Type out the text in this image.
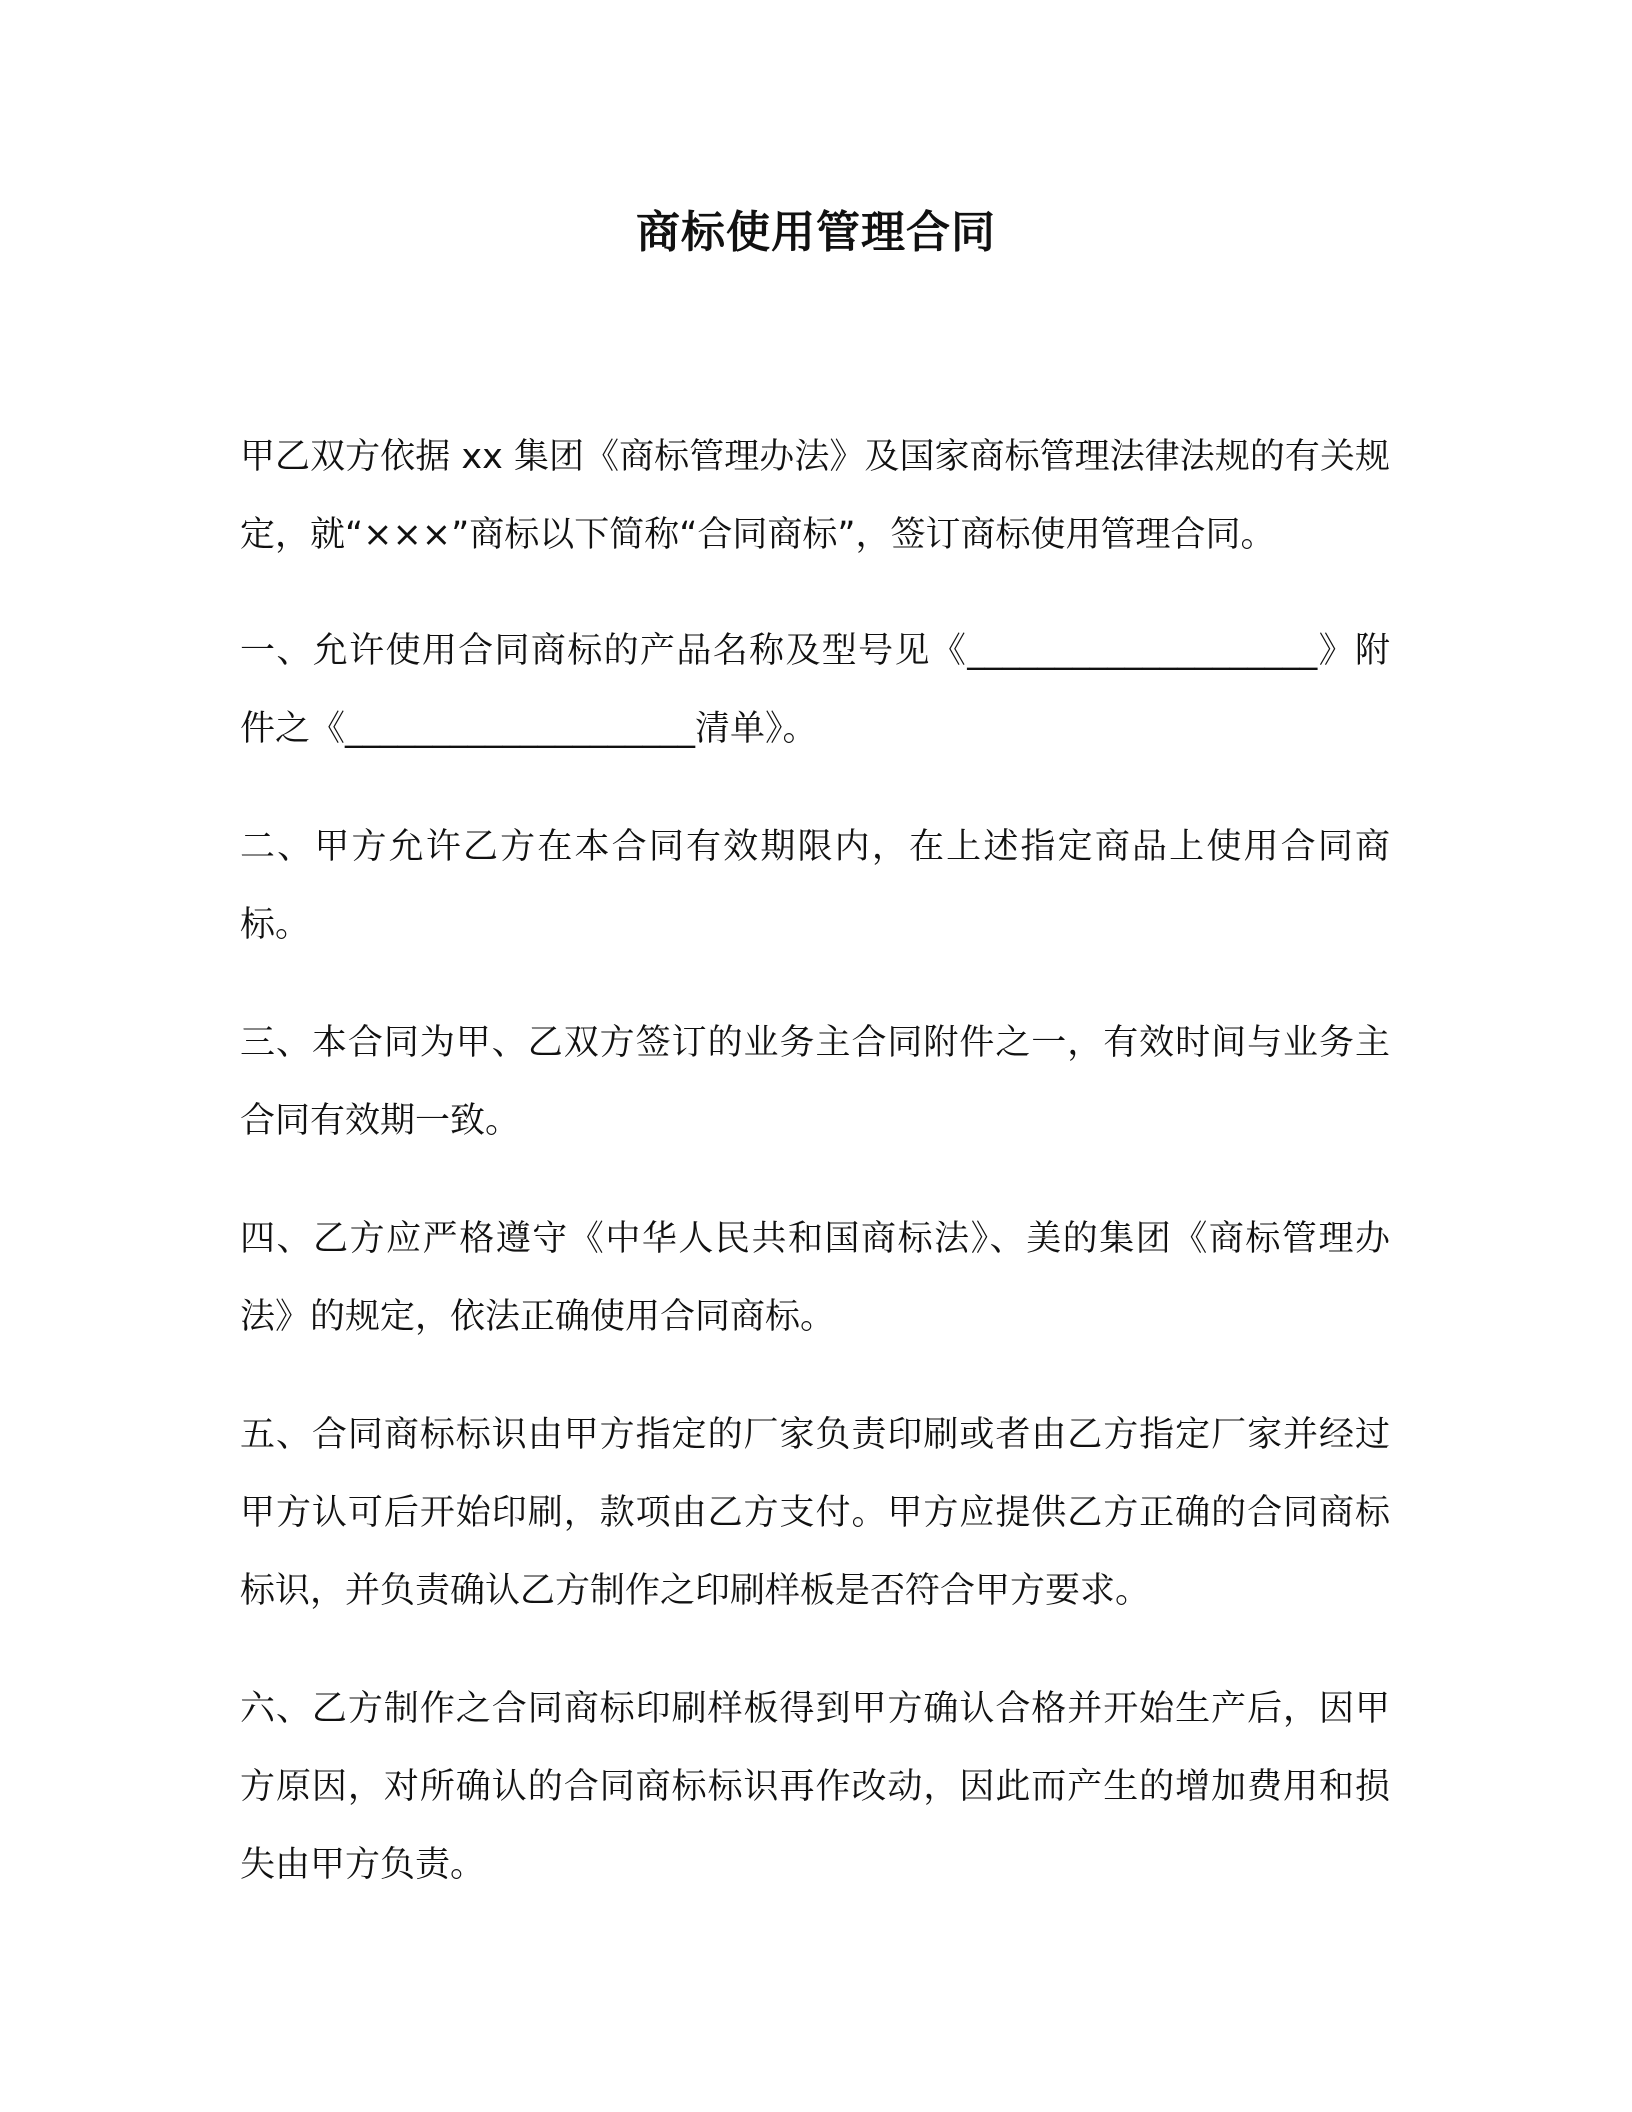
商标使用管理合同

甲乙双方依据 xx 集团《商标管理办法》及国家商标管理法律法规的有关规定，就“×××”商标以下简称“合同商标”，签订商标使用管理合同。

一、允许使用合同商标的产品名称及型号见《____________________》附件之《____________________清单》。

二、甲方允许乙方在本合同有效期限内，在上述指定商品上使用合同商标。

三、本合同为甲、乙双方签订的业务主合同附件之一，有效时间与业务主合同有效期一致。

四、乙方应严格遵守《中华人民共和国商标法》、美的集团《商标管理办法》的规定，依法正确使用合同商标。

五、合同商标标识由甲方指定的厂家负责印刷或者由乙方指定厂家并经过甲方认可后开始印刷，款项由乙方支付。甲方应提供乙方正确的合同商标标识，并负责确认乙方制作之印刷样板是否符合甲方要求。

六、乙方制作之合同商标印刷样板得到甲方确认合格并开始生产后，因甲方原因，对所确认的合同商标标识再作改动，因此而产生的增加费用和损失由甲方负责。
